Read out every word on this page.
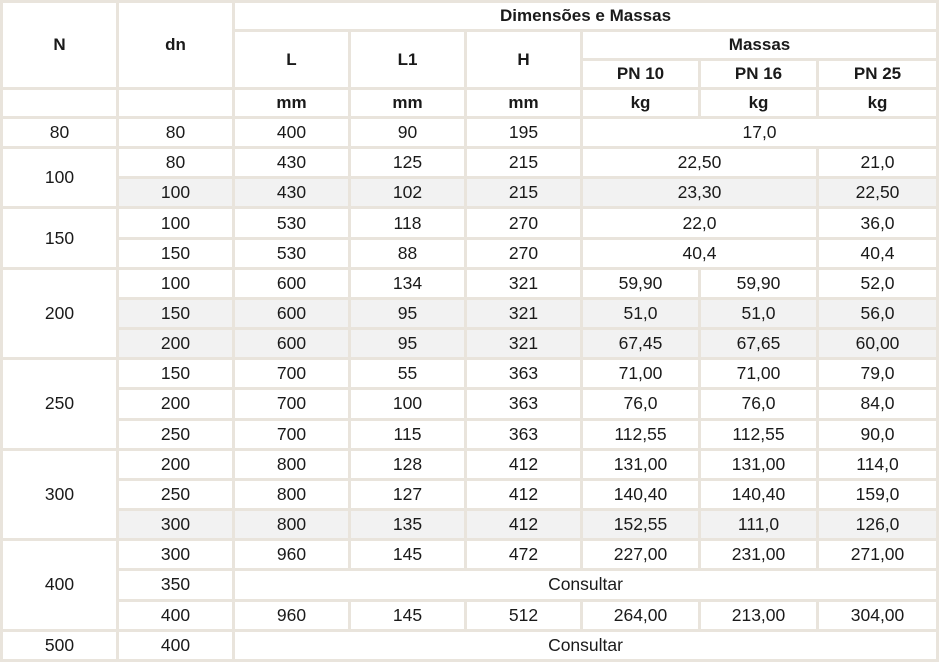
N	dn	Dimensões e Massas					
		L	L1	H	Massas		
					PN 10	PN 16	PN 25
		mm	mm	mm	kg	kg	kg
80	80	400	90	195	17,0		
100	80	430	125	215	22,50		21,0
	100	430	102	215	23,30		22,50
150	100	530	118	270	22,0		36,0
	150	530	88	270	40,4		40,4
200	100	600	134	321	59,90	59,90	52,0
	150	600	95	321	51,0	51,0	56,0
	200	600	95	321	67,45	67,65	60,00
250	150	700	55	363	71,00	71,00	79,0
	200	700	100	363	76,0	76,0	84,0
	250	700	115	363	112,55	112,55	90,0
300	200	800	128	412	131,00	131,00	114,0
	250	800	127	412	140,40	140,40	159,0
	300	800	135	412	152,55	111,0	126,0
400	300	960	145	472	227,00	231,00	271,00
	350	Consultar					
	400	960	145	512	264,00	213,00	304,00
500	400	Consultar					
